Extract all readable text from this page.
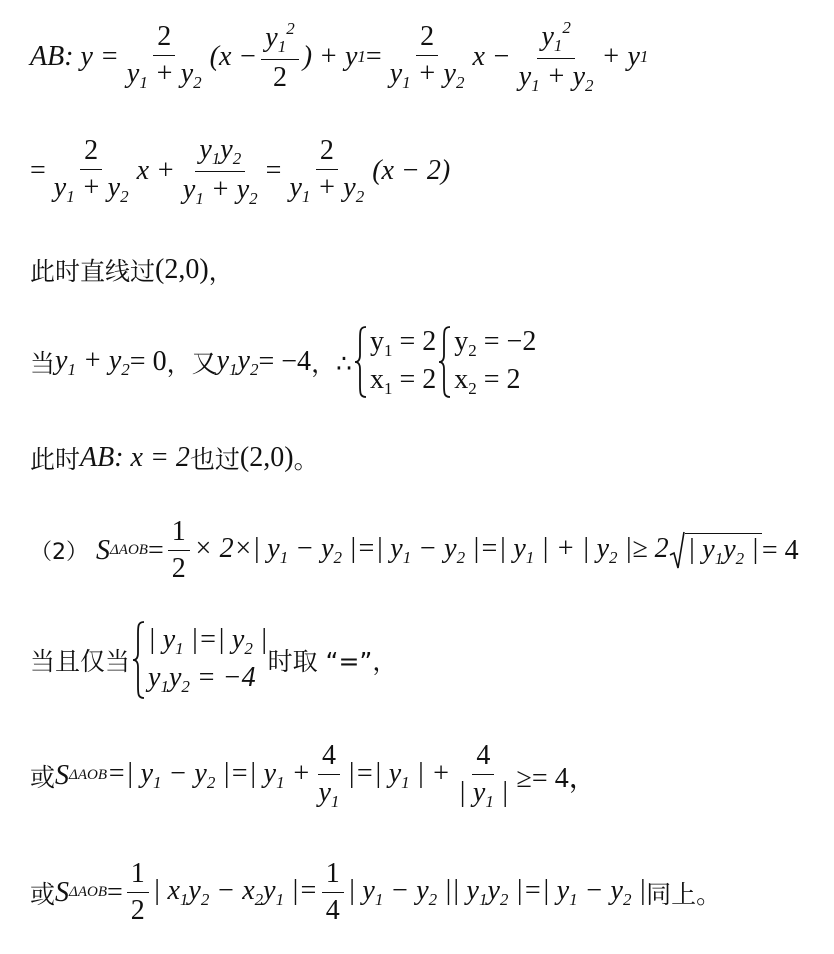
AB : $y = \frac{2}{y_1 + y_2} (x - \frac{y_1^2}{2}$ ) + y $1 = \frac{2}{y_1 + y_2}$ $x - \frac{y_1^2}{y_1 + y_2} + y$ 1
= $\frac{2}{y_1 + y_2}$ $x + \frac{y_1y_2}{y_1 + y_2} = \frac{2}{y_1 + y_2} (x - 2)$
此时直线过 (2,0) ，
当 $y_1 + y_2 = 0$ ，又 $y_1y_2 = -4$ ，∴
$y_1 = 2$
$x_1 = 2$
$y_2 = -2$
$x_2 = 2$
此时 AB : x = 2 也过 (2,0) 。
（2） S $\Delta AOB = \frac{1}{2} \times 2\times|$ $y_1 - y_2$ |=| $y_1 - y_2$ |=| $y_1$ | + | $y_2$ |≥ 2 | $y_1y_2$ | = 4
当且仅当
| $y_1$ |=| $y_2$ |
$y_1y_2 = -4$
时取 “=”，
或 S ΔAOB =| $y_1 - y_2$ |=| $y_1 + \frac{4}{y_1}$ |=| $y_1$ | + $\frac{4}{| y_1 |} \ge= 4$，
或 S $\Delta AOB = \frac{1}{2}$ | $x_1y_2 - x_2y_1$ |= $\frac{1}{4}$ | $y_1 - y_2$ || $y_1y_2$ |=| $y_1 - y_2$ | 同上。
